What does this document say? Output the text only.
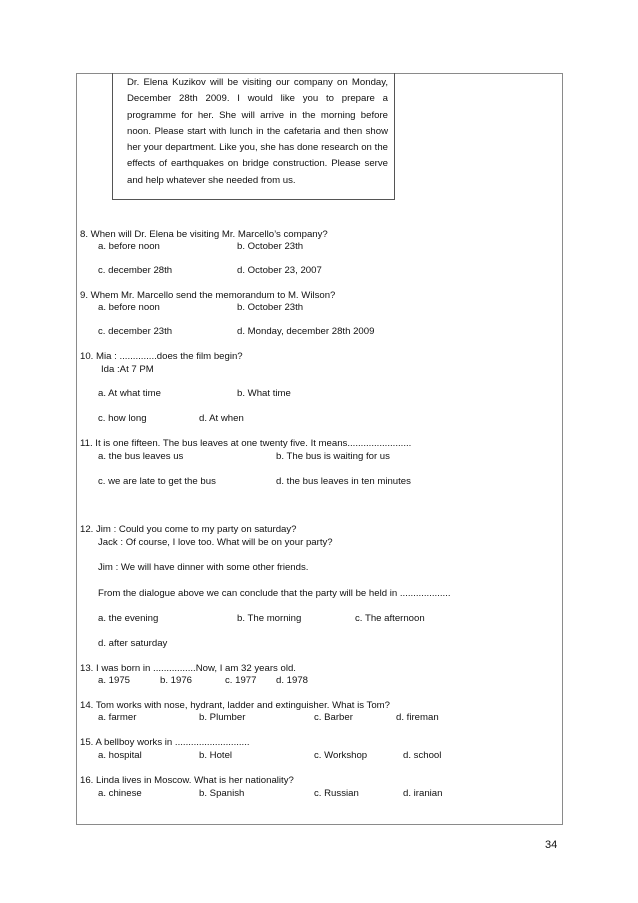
Dr. Elena Kuzikov will be visiting our company on Monday, December 28th 2009. I would like you to prepare a programme for her. She will arrive in the morning before noon. Please start with lunch in the cafetaria and then show her your department. Like you, she has done research on the effects of earthquakes on bridge construction. Please serve and help whatever she needed from us.
8. When will Dr. Elena be visiting Mr. Marcello’s company?
a. before noon	b. October 23th
c. december 28th	d. October 23, 2007
9. Whem Mr. Marcello send the memorandum to M. Wilson?
a. before noon	b. October 23th
c. december 23th	d. Monday, december 28th 2009
10. Mia : ..............does the film begin?
Ida :At 7 PM
a. At what time	b. What time
c. how long	d. At when
11. It is one fifteen. The bus leaves at one twenty five. It means........................
a. the bus leaves us	b. The bus is waiting for us
c. we are late to get the bus	d. the bus leaves in ten minutes
12. Jim : Could you come to my party on saturday?
Jack : Of course, I love too. What will be on your party?
Jim : We will have dinner with some other friends.
From the dialogue above we can conclude that the party will be held in ...................
a. the evening	b. The morning	c. The afternoon
d. after saturday
13. I was born in ................Now, I am 32 years old.
a. 1975	b. 1976	c. 1977 d. 1978
14. Tom works with nose, hydrant, ladder and extinguisher. What is Tom?
a. farmer	b. Plumber	c. Barber	d. fireman
15. A bellboy works in ............................
a. hospital	b. Hotel	c. Workshop	d. school
16. Linda lives in Moscow. What is her nationality?
a. chinese	b. Spanish	c. Russian	d. iranian
34
